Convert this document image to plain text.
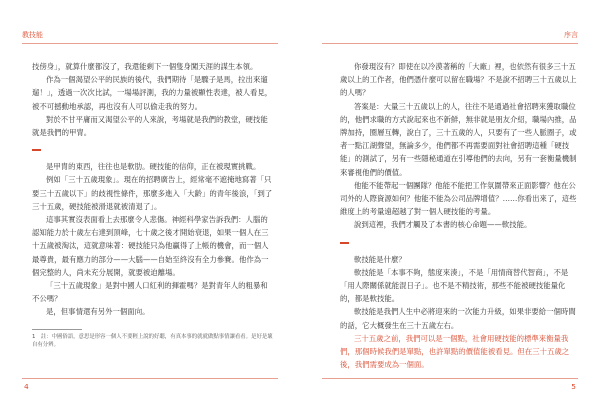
教技能

技傍身」，就算什麼都沒了，我還能剩下一個隻身闖天涯的謀生本領。

作為一個渴望公平的民族的後代，我們期待「是驟子是馬，拉出來遛遛！」，透過一次次比試，一場場評測，我的力量被顯性表達，被人看見，被不可撼動地承認，再也沒有人可以偷走我的努力。

對於不甘平庸而又渴望公平的人來說，考場就是我們的教堂，硬技能就是我們的甲冑。

是甲冑的東西，往往也是軟肋。硬技能的信仰，正在被現實挑戰。

例如「三十五歲現象」。現在的招聘廣告上，經常毫不遮掩地寫著「只要三十五歲以下」的歧視性條件，那麼多進入「大齡」的青年後浪，「到了三十五歲，硬技能被滑退就被清退了」。

這事其實沒表面看上去那麼令人悲傷。神經科學家告訴我們：人腦的認知能力於十歲左右達到頂峰，七十歲之後才開始衰退，如果一個人在三十五歲被淘汰，這就意味著：硬技能只為他贏得了上帳的機會，而一個人最尊貴，最有應力的部分——大腦——自始至終沒有全力參賽。他作為一個完整的人，尚未充分展開，就要被迫離場。

「三十五歲現象」是對中國人口紅利的揮霍嗎？是對青年人的粗暴和不公嗎？

是，但事情還有另外一個面向。

1　註：中國俗語，意思是形容一個人不要輕上說的好聽，有真本事的就就做點事情讓看看。是好是壞自有分辨。
4
序言

你發現沒有？即使在以冷漠著稱的「大廠」裡，也依然有很多三十五歲以上的工作者，他們憑什麼可以留在職場？不是說不招聘三十五歲以上的人嗎？

答案是：大量三十五歲以上的人，往往不是通過社會招聘來獲取職位的，他們求職的方式說起來也不新鮮，無非就是朋友介紹，職場內推，品牌加持，圈層互轉，說白了，三十五歲的人，只要有了一些人脈圈子，或者一點江湖聲望，無論多少，他們都不再需要面對社會招聘這種「硬技能」的測試了，另有一些隱秘通道在引導他們的去向，另有一套衡量機制來審視他們的價值。

他能不能帶起一個團隊？他能不能把工作氛圍帶來正面影響？他在公司外的人際資源如何？他能不能為公司品牌增值？……你看出來了，這些維度上的考量遠超越了對一個人硬技能的考量。

說到這裡，我們才觸及了本書的核心命題——軟技能。

軟技能是什麼？

軟技能是「本事不夠，態度來湊」，不是「用情商替代智商」，不是「用人際關係就能混日子」。也不是不精技術，那些不能被硬技能量化的，都是軟技能。

軟技能是我們人生中必將迎來的一次能力升級，如果非要給一個時間的話，它大概發生在三十五歲左右。

三十五歲之前，我們可以是一個點，社會用硬技能的標準來衡量我們，那個時候我們是單點，也許單點的價值能被看見。但在三十五歲之後，我們需要成為一個面。

5
